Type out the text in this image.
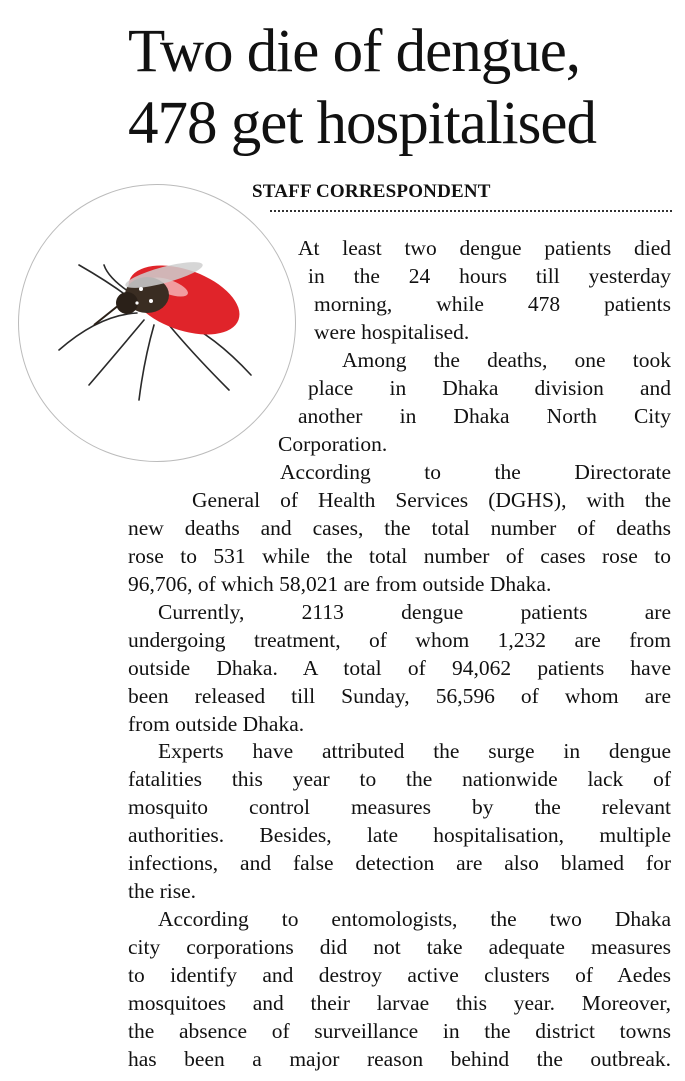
Two die of dengue,
478 get hospitalised
STAFF CORRESPONDENT
At least two dengue patients died
in the 24 hours till yesterday
morning, while 478 patients
were hospitalised.
Among the deaths, one took
place in Dhaka division and
another in Dhaka North City
Corporation.
According to the Directorate
General of Health Services (DGHS), with the
new deaths and cases, the total number of deaths
rose to 531 while the total number of cases rose to
96,706, of which 58,021 are from outside Dhaka.
Currently, 2113 dengue patients are
undergoing treatment, of whom 1,232 are from
outside Dhaka. A total of 94,062 patients have
been released till Sunday, 56,596 of whom are
from outside Dhaka.
Experts have attributed the surge in dengue
fatalities this year to the nationwide lack of
mosquito control measures by the relevant
authorities. Besides, late hospitalisation, multiple
infections, and false detection are also blamed for
the rise.
According to entomologists, the two Dhaka
city corporations did not take adequate measures
to identify and destroy active clusters of Aedes
mosquitoes and their larvae this year. Moreover,
the absence of surveillance in the district towns
has been a major reason behind the outbreak.
